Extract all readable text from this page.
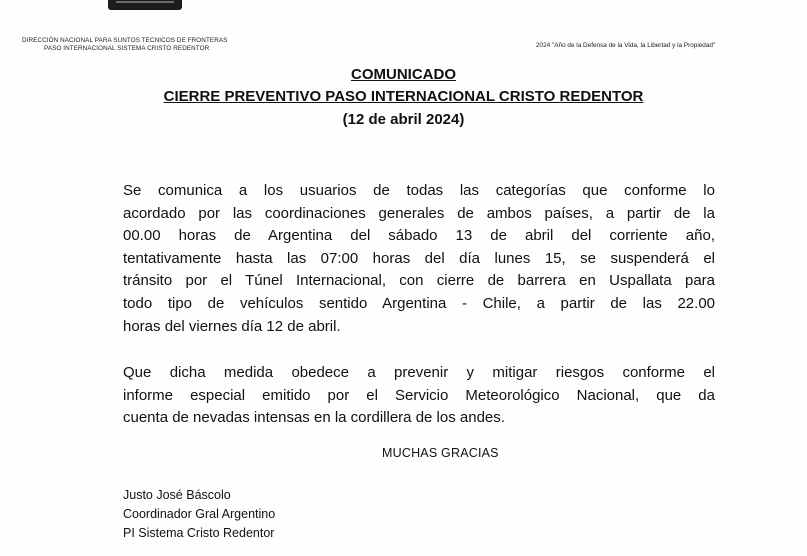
DIRECCIÓN NACIONAL PARA SUNTOS TECNICOS DE FRONTERAS
PASO INTERNACIONAL SISTEMA CRISTO REDENTOR	2024 "Año de la Defensa de la Vida, la Libertad y la Propiedad"
COMUNICADO
CIERRE PREVENTIVO PASO INTERNACIONAL CRISTO REDENTOR
(12 de abril 2024)
Se comunica a los usuarios de todas las categorías que conforme lo
acordado por las coordinaciones generales de ambos países, a partir de la
00.00 horas de Argentina del sábado 13 de abril del corriente año,
tentativamente hasta las 07:00 horas del día lunes 15, se suspenderá el
tránsito por el Túnel Internacional, con cierre de barrera en Uspallata para
todo tipo de vehículos sentido Argentina - Chile, a partir de las 22.00
horas del viernes día 12 de abril.
Que dicha medida obedece a prevenir y mitigar riesgos conforme el
informe especial emitido por el Servicio Meteorológico Nacional, que da
cuenta de nevadas intensas en la cordillera de los andes.
MUCHAS GRACIAS
Justo José Báscolo
Coordinador Gral Argentino
PI Sistema Cristo Redentor
